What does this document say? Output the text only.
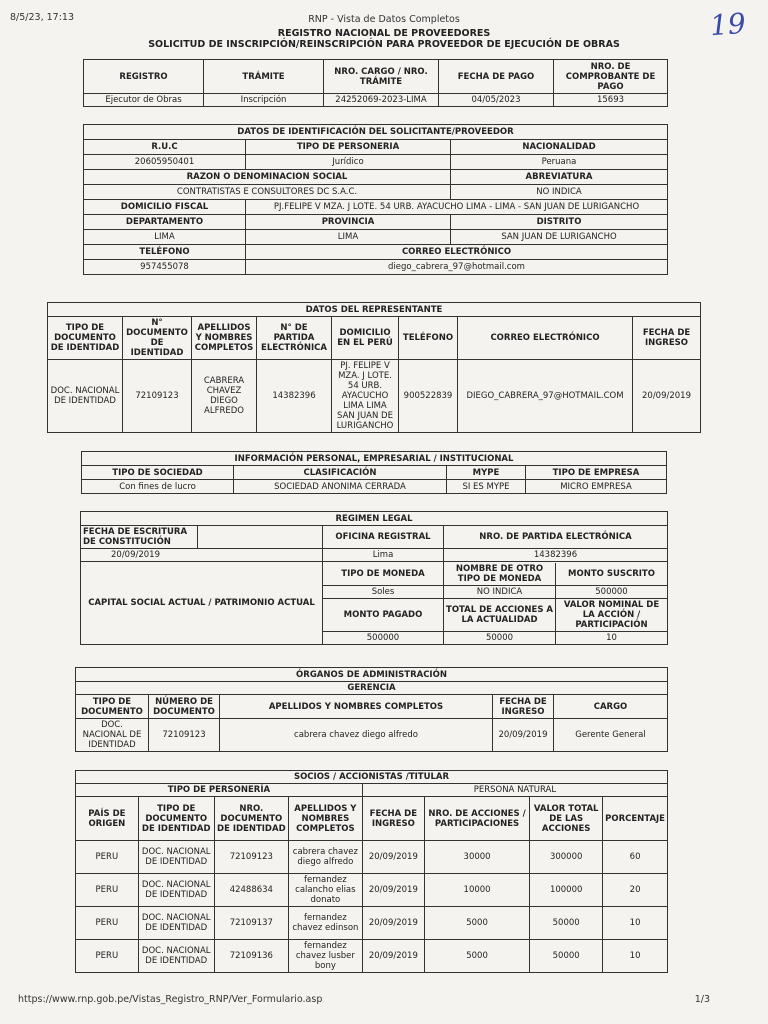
8/5/23, 17:13	RNP - Vista de Datos Completos	19
REGISTRO NACIONAL DE PROVEEDORES
SOLICITUD DE INSCRIPCIÓN/REINSCRIPCIÓN PARA PROVEEDOR DE EJECUCIÓN DE OBRAS
REGISTRO	TRÁMITE	NRO. CARGO / NRO. TRÁMITE	FECHA DE PAGO	NRO. DE COMPROBANTE DE PAGO
Ejecutor de Obras	Inscripción	24252069-2023-LIMA	04/05/2023	15693
DATOS DE IDENTIFICACIÓN DEL SOLICITANTE/PROVEEDOR		
R.U.C	TIPO DE PERSONERIA	NACIONALIDAD
20605950401	Jurídico	Peruana
RAZON O DENOMINACION SOCIAL		ABREVIATURA
CONTRATISTAS E CONSULTORES DC S.A.C.		NO INDICA
DOMICILIO FISCAL	PJ.FELIPE V MZA. J LOTE. 54 URB. AYACUCHO LIMA - LIMA - SAN JUAN DE LURIGANCHO	
DEPARTAMENTO	PROVINCIA	DISTRITO
LIMA	LIMA	SAN JUAN DE LURIGANCHO
TELÉFONO	CORREO ELECTRÓNICO	
957455078	diego_cabrera_97@hotmail.com	
DATOS DEL REPRESENTANTE							
TIPO DE DOCUMENTO DE IDENTIDAD	N° DOCUMENTO DE IDENTIDAD	APELLIDOS Y NOMBRES COMPLETOS	N° DE PARTIDA ELECTRÓNICA	DOMICILIO EN EL PERÚ	TELÉFONO	CORREO ELECTRÓNICO	FECHA DE INGRESO
DOC. NACIONAL DE IDENTIDAD	72109123	CABRERA CHAVEZ DIEGO ALFREDO	14382396	PJ. FELIPE V MZA. J LOTE. 54 URB. AYACUCHO LIMA LIMA SAN JUAN DE LURIGANCHO	900522839	DIEGO_CABRERA_97@HOTMAIL.COM	20/09/2019
INFORMACIÓN PERSONAL, EMPRESARIAL / INSTITUCIONAL			
TIPO DE SOCIEDAD	CLASIFICACIÓN	MYPE	TIPO DE EMPRESA
Con fines de lucro	SOCIEDAD ANONIMA CERRADA	SI ES MYPE	MICRO EMPRESA
REGIMEN LEGAL
FECHA DE ESCRITURA DE CONSTITUCIÓN		OFICINA REGISTRAL	NRO. DE PARTIDA ELECTRÓNICA
20/09/2019	Lima	14382396
CAPITAL SOCIAL ACTUAL / PATRIMONIO ACTUAL	TIPO DE MONEDA		NOMBRE DE OTRO TIPO DE MONEDA	MONTO SUSCRITO

Soles		NO INDICA	500000

MONTO PAGADO		TOTAL DE ACCIONES A LA ACTUALIDAD	VALOR NOMINAL DE LA ACCIÓN / PARTICIPACIÓN

500000		50000	10
ÓRGANOS DE ADMINISTRACIÓN				
GERENCIA				
TIPO DE DOCUMENTO	NÚMERO DE DOCUMENTO	APELLIDOS Y NOMBRES COMPLETOS	FECHA DE INGRESO	CARGO
DOC. NACIONAL DE IDENTIDAD	72109123	cabrera chavez diego alfredo	20/09/2019	Gerente General
SOCIOS / ACCIONISTAS /TITULAR							
TIPO DE PERSONERÍA				PERSONA NATURAL			
PAÍS DE ORIGEN	TIPO DE DOCUMENTO DE IDENTIDAD	NRO. DOCUMENTO DE IDENTIDAD	APELLIDOS Y NOMBRES COMPLETOS	FECHA DE INGRESO	NRO. DE ACCIONES / PARTICIPACIONES	VALOR TOTAL DE LAS ACCIONES	PORCENTAJE
PERU	DOC. NACIONAL DE IDENTIDAD	72109123	cabrera chavez diego alfredo	20/09/2019	30000	300000	60
PERU	DOC. NACIONAL DE IDENTIDAD	42488634	fernandez calancho elias donato	20/09/2019	10000	100000	20
PERU	DOC. NACIONAL DE IDENTIDAD	72109137	fernandez chavez edinson	20/09/2019	5000	50000	10
PERU	DOC. NACIONAL DE IDENTIDAD	72109136	fernandez chavez lusber bony	20/09/2019	5000	50000	10
https://www.rnp.gob.pe/Vistas_Registro_RNP/Ver_Formulario.asp	1/3
